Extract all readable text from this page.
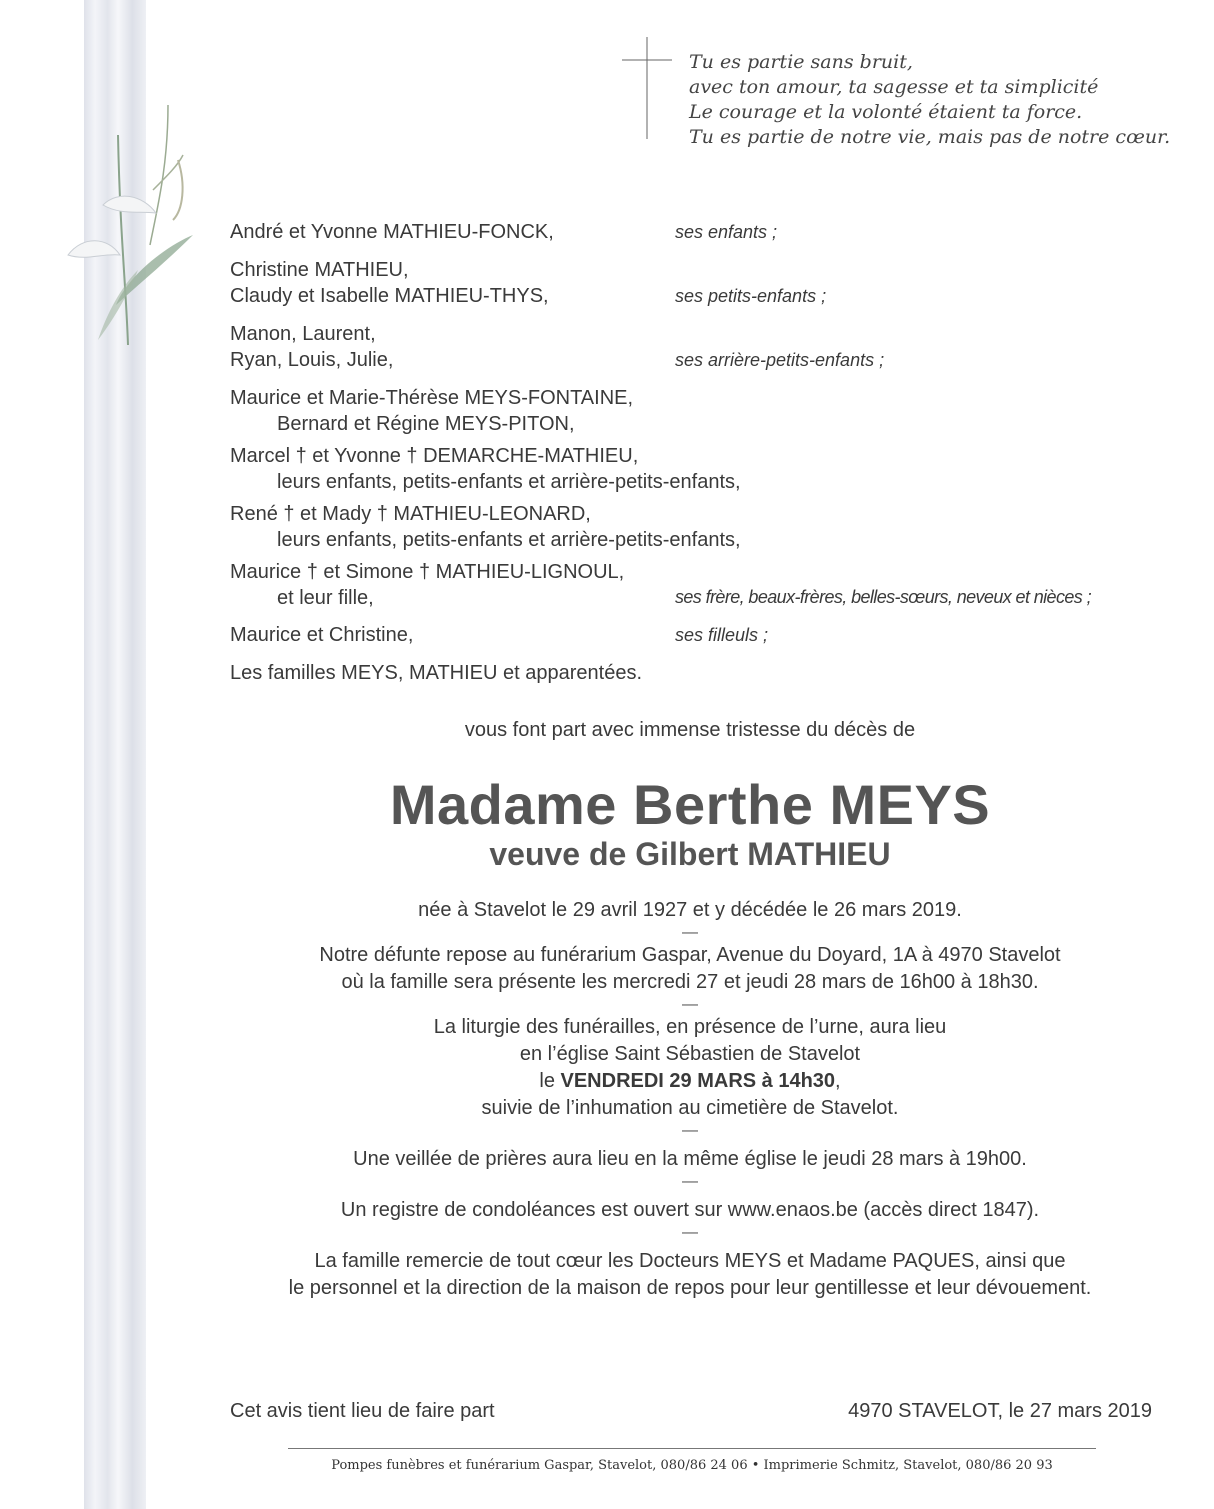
Tu es partie sans bruit,
avec ton amour, ta sagesse et ta simplicité
Le courage et la volonté étaient ta force.
Tu es partie de notre vie, mais pas de notre cœur.
André et Yvonne MATHIEU-FONCK,	ses enfants ;
Christine MATHIEU,
Claudy et Isabelle MATHIEU-THYS,	ses petits-enfants ;
Manon, Laurent,
Ryan, Louis, Julie,	ses arrière-petits-enfants ;
Maurice et Marie-Thérèse MEYS-FONTAINE,
Bernard et Régine MEYS-PITON,
Marcel † et Yvonne † DEMARCHE-MATHIEU,
leurs enfants, petits-enfants et arrière-petits-enfants,
René † et Mady † MATHIEU-LEONARD,
leurs enfants, petits-enfants et arrière-petits-enfants,
Maurice † et Simone † MATHIEU-LIGNOUL,
et leur fille,	ses frère, beaux-frères, belles-sœurs, neveux et nièces ;
Maurice et Christine,	ses filleuls ;
Les familles MEYS, MATHIEU et apparentées.
vous font part avec immense tristesse du décès de
Madame Berthe MEYS
veuve de Gilbert MATHIEU
née à Stavelot le 29 avril 1927 et y décédée le 26 mars 2019.
—
Notre défunte repose au funérarium Gaspar, Avenue du Doyard, 1A à 4970 Stavelot
où la famille sera présente les mercredi 27 et jeudi 28 mars de 16h00 à 18h30.
—
La liturgie des funérailles, en présence de l’urne, aura lieu
en l’église Saint Sébastien de Stavelot
le VENDREDI 29 MARS à 14h30,
suivie de l’inhumation au cimetière de Stavelot.
—
Une veillée de prières aura lieu en la même église le jeudi 28 mars à 19h00.
—
Un registre de condoléances est ouvert sur www.enaos.be (accès direct 1847).
—
La famille remercie de tout cœur les Docteurs MEYS et Madame PAQUES, ainsi que
le personnel et la direction de la maison de repos pour leur gentillesse et leur dévouement.
Cet avis tient lieu de faire part	4970 STAVELOT, le 27 mars 2019
Pompes funèbres et funérarium Gaspar, Stavelot, 080/86 24 06 • Imprimerie Schmitz, Stavelot, 080/86 20 93
